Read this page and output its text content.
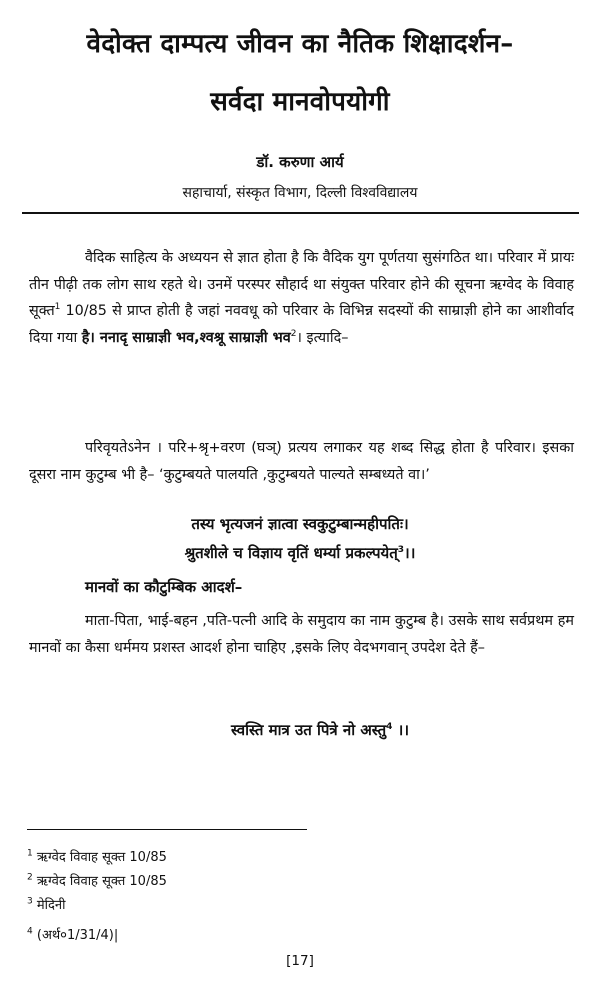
वेदोक्त दाम्पत्य जीवन का नैतिक शिक्षादर्शन–
सर्वदा मानवोपयोगी
डॉ. करुणा आर्य
सहाचार्या, संस्कृत विभाग, दिल्ली विश्वविद्यालय
वैदिक साहित्य के अध्ययन से ज्ञात होता है कि वैदिक युग पूर्णतया सुसंगठित था। परिवार में प्रायः तीन पीढ़ी तक लोग साथ रहते थे। उनमें परस्पर सौहार्द था संयुक्त परिवार होने की सूचना ऋग्वेद के विवाह सूक्त$^1$ 10/85 से प्राप्त होती है जहां नववधू को परिवार के विभिन्न सदस्यों की साम्राज्ञी होने का आशीर्वाद दिया गया है। ननादृ साम्राज्ञी भव,श्वश्रू साम्राज्ञी भव$^2$। इत्यादि–
परिवृयतेऽनेन । परि+श्रृ+वरण (घञ्) प्रत्यय लगाकर यह शब्द सिद्ध होता है परिवार। इसका दूसरा नाम कुटुम्ब भी है– ‘कुटुम्बयते पालयति ,कुटुम्बयते पाल्यते सम्बध्यते वा।’
तस्य भृत्यजनं ज्ञात्वा स्वकुटुम्बान्महीपतिः।
श्रुतशीले च विज्ञाय वृतिं धर्म्या प्रकल्पयेत्$^3$।।
मानवों का कौटुम्बिक आदर्श–
माता-पिता, भाई-बहन ,पति-पत्नी आदि के समुदाय का नाम कुटुम्ब है। उसके साथ सर्वप्रथम हम मानवों का कैसा धर्ममय प्रशस्त आदर्श होना चाहिए ,इसके लिए वेदभगवान् उपदेश देते हैं–
स्वस्ति मात्र उत पित्रे नो अस्तु$^4$ ।।
$^1$ ऋग्वेद विवाह सूक्त 10/85
$^2$ ऋग्वेद विवाह सूक्त 10/85
$^3$ मेदिनी
$^4$ (अर्थ०1/31/4)|
[17]
